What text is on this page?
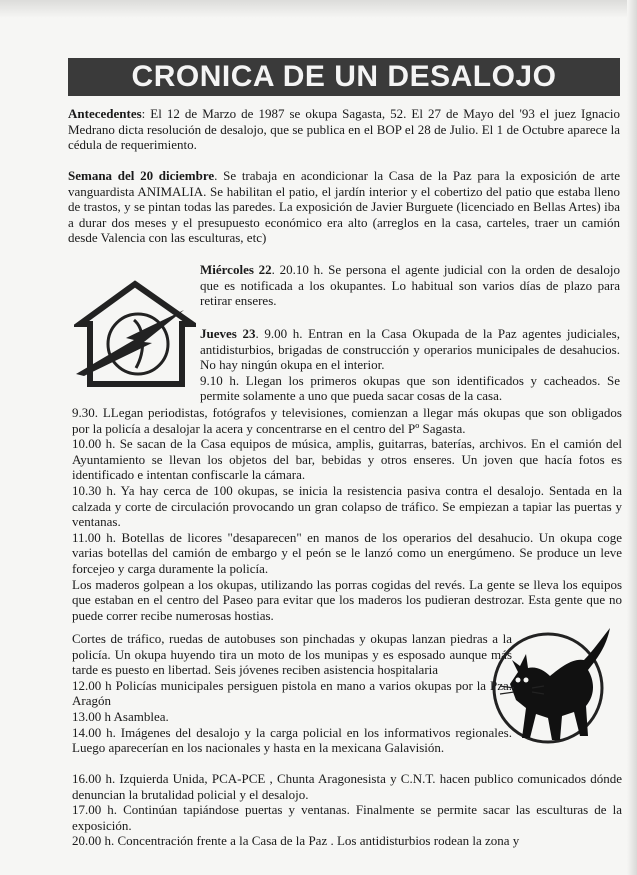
CRONICA DE UN DESALOJO

Antecedentes: El 12 de Marzo de 1987 se okupa Sagasta, 52. El 27 de Mayo del '93 el juez Ignacio Medrano dicta resolución de desalojo, que se publica en el BOP el 28 de Julio. El 1 de Octubre aparece la cédula de requerimiento.

Semana del 20 diciembre. Se trabaja en acondicionar la Casa de la Paz para la exposición de arte vanguardista ANIMALIA. Se habilitan el patio, el jardín interior y el cobertizo del patio que estaba lleno de trastos, y se pintan todas las paredes. La exposición de Javier Burguete (licenciado en Bellas Artes) iba a durar dos meses y el presupuesto económico era alto (arreglos en la casa, carteles, traer un camión desde Valencia con las esculturas, etc)

Miércoles 22. 20.10 h. Se persona el agente judicial con la orden de desalojo que es notificada a los okupantes. Lo habitual son varios días de plazo para retirar enseres.

Jueves 23. 9.00 h. Entran en la Casa Okupada de la Paz agentes judiciales, antidisturbios, brigadas de construcción y operarios municipales de desahucios. No hay ningún okupa en el interior.

9.10 h. Llegan los primeros okupas que son identificados y cacheados. Se permite solamente a uno que pueda sacar cosas de la casa.

9.30. LLegan periodistas, fotógrafos y televisiones, comienzan a llegar más okupas que son obligados por la policía a desalojar la acera y concentrarse en el centro del Pº Sagasta.

10.00 h. Se sacan de la Casa equipos de música, amplis, guitarras, baterías, archivos. En el camión del Ayuntamiento se llevan los objetos del bar, bebidas y otros enseres. Un joven que hacía fotos es identificado e intentan confiscarle la cámara.

10.30 h. Ya hay cerca de 100 okupas, se inicia la resistencia pasiva contra el desalojo. Sentada en la calzada y corte de circulación provocando un gran colapso de tráfico. Se empiezan a tapiar las puertas y ventanas.

11.00 h. Botellas de licores "desaparecen" en manos de los operarios del desahucio. Un okupa coge varias botellas del camión de embargo y el peón se le lanzó como un energúmeno. Se produce un leve forcejeo y carga duramente la policía.

Los maderos golpean a los okupas, utilizando las porras cogidas del revés. La gente se lleva los equipos que estaban en el centro del Paseo para evitar que los maderos los pudieran destrozar. Esta gente que no puede correr recibe numerosas hostias.

Cortes de tráfico, ruedas de autobuses son pinchadas y okupas lanzan piedras a la policía. Un okupa huyendo tira un moto de los munipas y es esposado aunque más tarde es puesto en libertad. Seis jóvenes reciben asistencia hospitalaria

12.00 h Policías municipales persiguen pistola en mano a varios okupas por la Pza. Aragón

13.00 h Asamblea.

14.00 h. Imágenes del desalojo y la carga policial en los informativos regionales. Luego aparecerían en los nacionales y hasta en la mexicana Galavisión.

16.00 h. Izquierda Unida, PCA-PCE , Chunta Aragonesista y C.N.T. hacen publico comunicados dónde denuncian la brutalidad policial y el desalojo.

17.00 h. Continúan tapiándose puertas y ventanas. Finalmente se permite sacar las esculturas de la exposición.

20.00 h. Concentración frente a la Casa de la Paz . Los antidisturbios rodean la zona y
